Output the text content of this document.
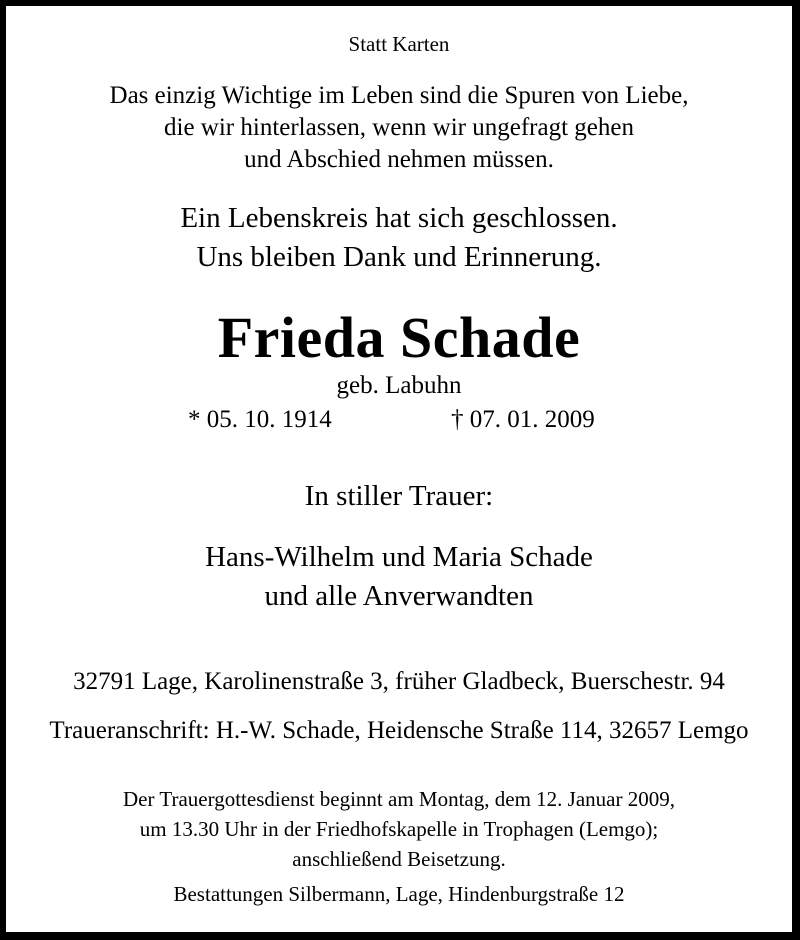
Statt Karten
Das einzig Wichtige im Leben sind die Spuren von Liebe,
die wir hinterlassen, wenn wir ungefragt gehen
und Abschied nehmen müssen.
Ein Lebenskreis hat sich geschlossen.
Uns bleiben Dank und Erinnerung.
Frieda Schade
geb. Labuhn
* 05. 10. 1914	† 07. 01. 2009
In stiller Trauer:
Hans-Wilhelm und Maria Schade
und alle Anverwandten
32791 Lage, Karolinenstraße 3, früher Gladbeck, Buerschestr. 94
Traueranschrift: H.-W. Schade, Heidensche Straße 114, 32657 Lemgo
Der Trauergottesdienst beginnt am Montag, dem 12. Januar 2009,
um 13.30 Uhr in der Friedhofskapelle in Trophagen (Lemgo);
anschließend Beisetzung.
Bestattungen Silbermann, Lage, Hindenburgstraße 12
